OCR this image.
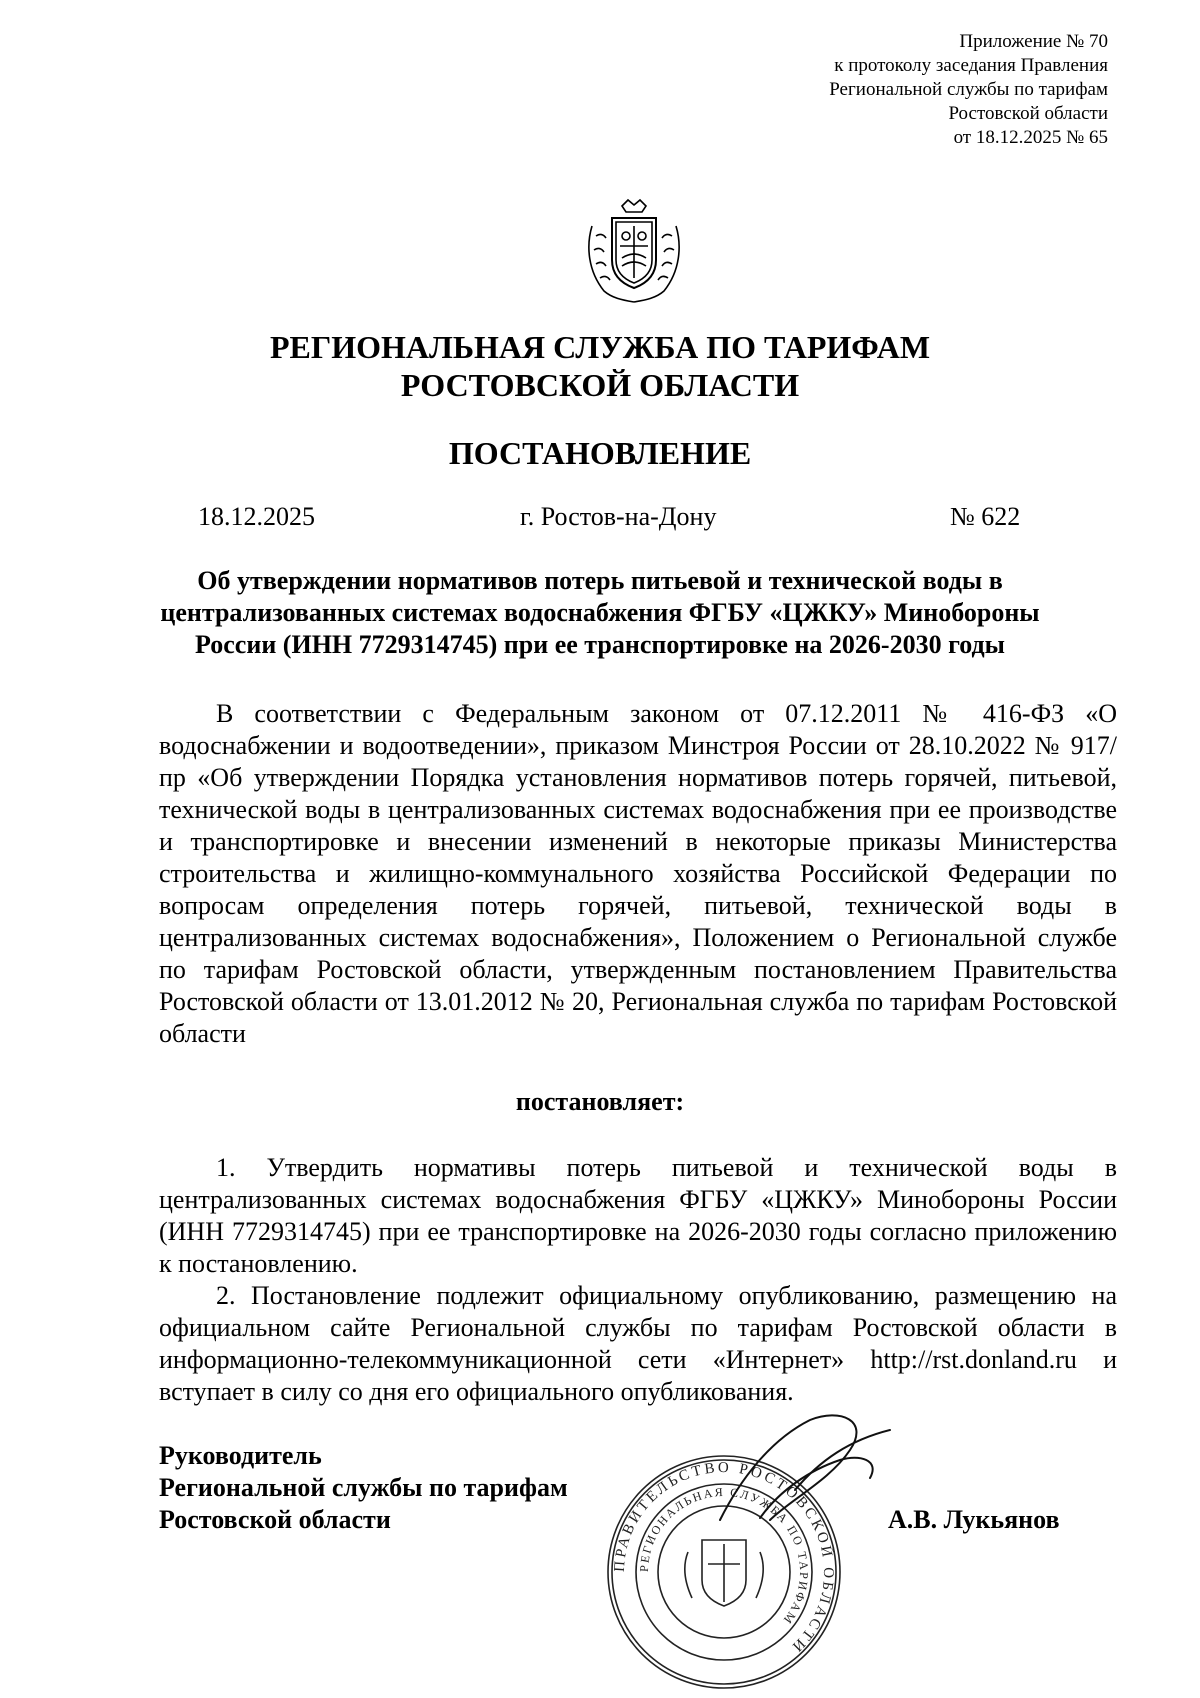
Приложение № 70
к протоколу заседания Правления
Региональной службы по тарифам
Ростовской области
от 18.12.2025 № 65
РЕГИОНАЛЬНАЯ СЛУЖБА ПО ТАРИФАМ
РОСТОВСКОЙ ОБЛАСТИ
ПОСТАНОВЛЕНИЕ
18.12.2025	г. Ростов-на-Дону	№ 622
Об утверждении нормативов потерь питьевой и технической воды в централизованных системах водоснабжения ФГБУ «ЦЖКУ» Минобороны России (ИНН 7729314745) при ее транспортировке на 2026-2030 годы
В соответствии с Федеральным законом от 07.12.2011 № 416-ФЗ «О водоснабжении и водоотведении», приказом Минстроя России от 28.10.2022 № 917/пр «Об утверждении Порядка установления нормативов потерь горячей, питьевой, технической воды в централизованных системах водоснабжения при ее производстве и транспортировке и внесении изменений в некоторые приказы Министерства строительства и жилищно-коммунального хозяйства Российской Федерации по вопросам определения потерь горячей, питьевой, технической воды в централизованных системах водоснабжения», Положением о Региональной службе по тарифам Ростовской области, утвержденным постановлением Правительства Ростовской области от 13.01.2012 № 20, Региональная служба по тарифам Ростовской области
постановляет:

1. Утвердить нормативы потерь питьевой и технической воды в централизованных системах водоснабжения ФГБУ «ЦЖКУ» Минобороны России (ИНН 7729314745) при ее транспортировке на 2026-2030 годы согласно приложению к постановлению.

2. Постановление подлежит официальному опубликованию, размещению на официальном сайте Региональной службы по тарифам Ростовской области в информационно-телекоммуникационной сети «Интернет» http://rst.donland.ru и вступает в силу со дня его официального опубликования.

Руководитель
Региональной службы по тарифам
Ростовской области
ПРАВИТЕЛЬСТВО РОСТОВСКОЙ ОБЛАСТИ
РЕГИОНАЛЬНАЯ СЛУЖБА ПО ТАРИФАМ
А.В. Лукьянов
